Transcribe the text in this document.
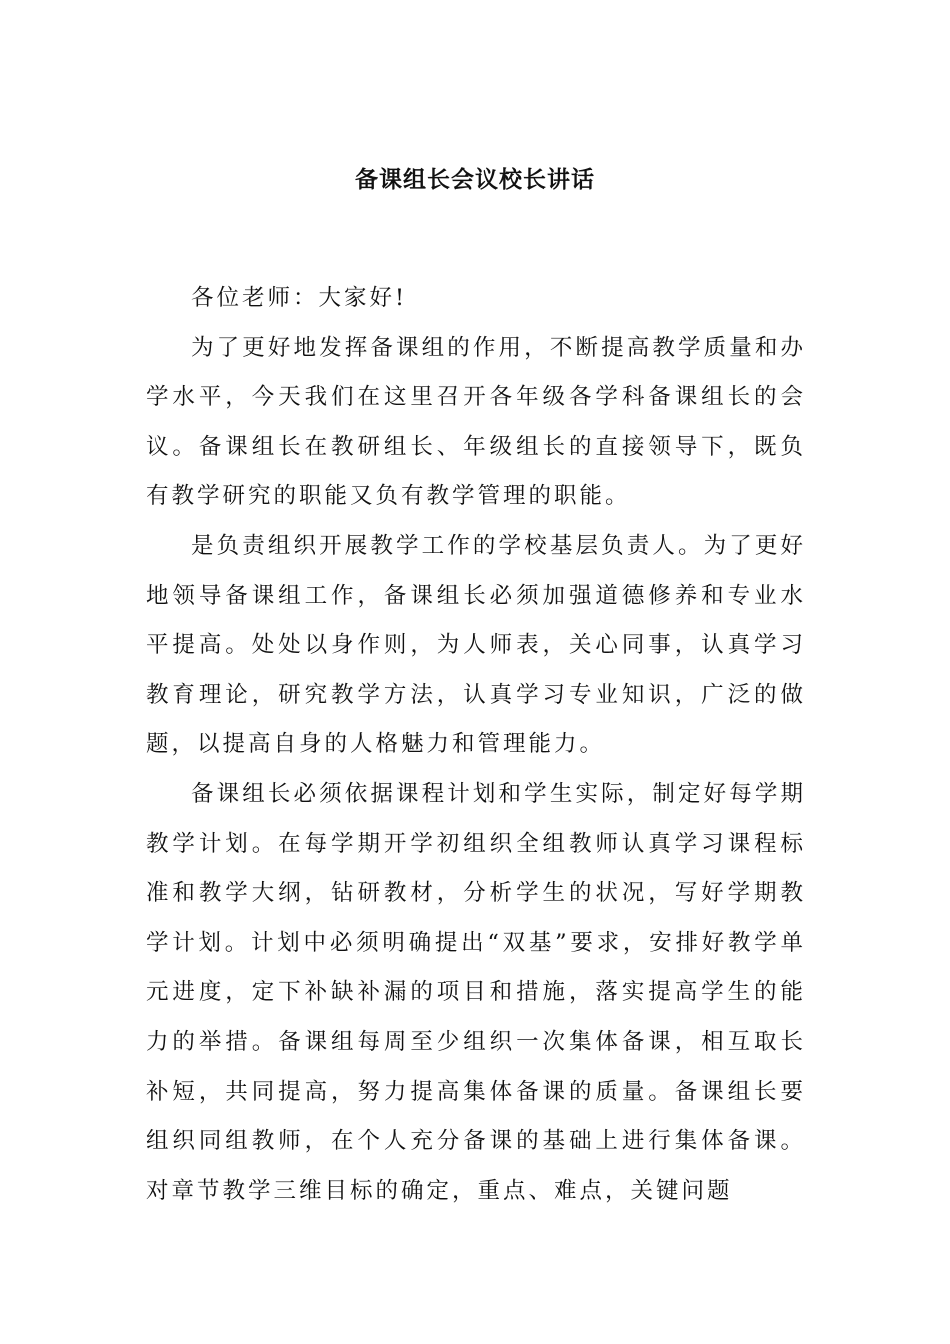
备课组长会议校长讲话

各位老师：大家好!

为了更好地发挥备课组的作用，不断提高教学质量和办学水平，今天我们在这里召开各年级各学科备课组长的会议。备课组长在教研组长、年级组长的直接领导下，既负有教学研究的职能又负有教学管理的职能。

是负责组织开展教学工作的学校基层负责人。为了更好地领导备课组工作，备课组长必须加强道德修养和专业水平提高。处处以身作则，为人师表，关心同事，认真学习教育理论，研究教学方法，认真学习专业知识，广泛的做题，以提高自身的人格魅力和管理能力。

备课组长必须依据课程计划和学生实际，制定好每学期教学计划。在每学期开学初组织全组教师认真学习课程标准和教学大纲，钻研教材，分析学生的状况，写好学期教学计划。计划中必须明确提出“双基”要求，安排好教学单元进度，定下补缺补漏的项目和措施，落实提高学生的能力的举措。备课组每周至少组织一次集体备课，相互取长补短，共同提高，努力提高集体备课的质量。备课组长要组织同组教师，在个人充分备课的基础上进行集体备课。对章节教学三维目标的确定，重点、难点，关键问题
